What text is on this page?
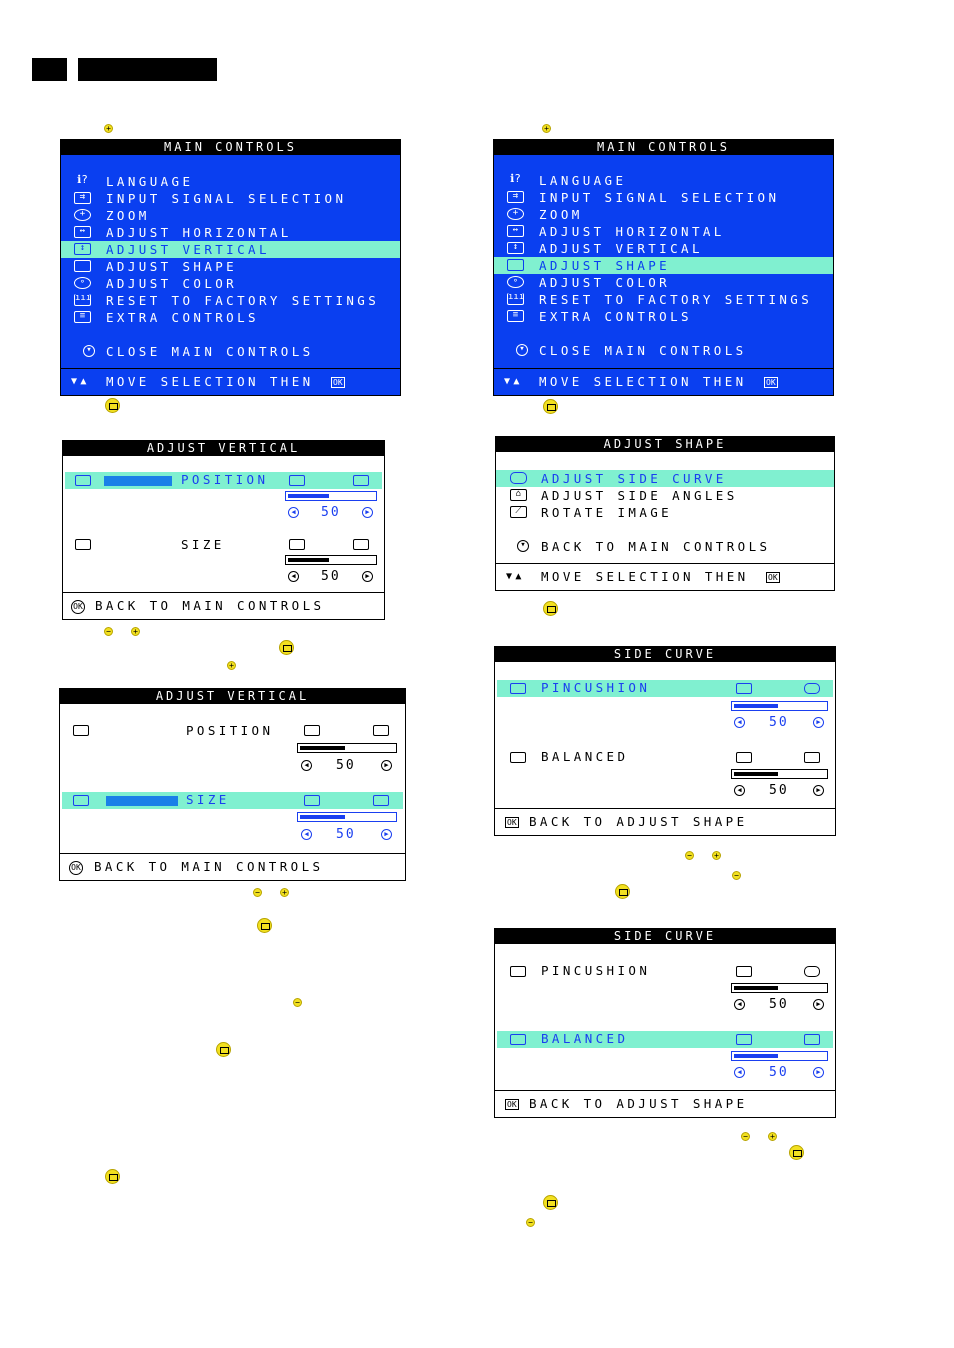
+
MAIN CONTROLS
ℹ? LANGUAGE
⇉	INPUT SIGNAL SELECTION
+	ZOOM
↔	ADJUST HORIZONTAL
↕	ADJUST VERTICAL
ADJUST SHAPE
∘	ADJUST COLOR
ııı RESET TO FACTORY SETTINGS
≡	EXTRA CONTROLS
▾ CLOSE MAIN CONTROLS
▼▲ MOVE SELECTION THEN OK
ADJUST VERTICAL
POSITION
◀ 50	▶
SIZE
◀ 50	▶
OK BACK TO MAIN CONTROLS
−	+
+
ADJUST VERTICAL
POSITION
◀ 50	▶
SIZE
◀ 50	▶
OK BACK TO MAIN CONTROLS
−	+
−
+
MAIN CONTROLS
ℹ? LANGUAGE
⇉	INPUT SIGNAL SELECTION
+	ZOOM
↔	ADJUST HORIZONTAL
↕	ADJUST VERTICAL
ADJUST SHAPE
∘	ADJUST COLOR
ııı RESET TO FACTORY SETTINGS
≡	EXTRA CONTROLS
▾ CLOSE MAIN CONTROLS
▼▲ MOVE SELECTION THEN OK
ADJUST SHAPE
ADJUST SIDE CURVE
⌂	ADJUST SIDE ANGLES
⟋	ROTATE IMAGE
▾ BACK TO MAIN CONTROLS
▼▲ MOVE SELECTION THEN OK
SIDE CURVE
PINCUSHION
◀ 50	▶
BALANCED
◀ 50	▶
OK BACK TO ADJUST SHAPE
−	+
−
SIDE CURVE
PINCUSHION
◀ 50	▶
BALANCED
◀ 50	▶
OK BACK TO ADJUST SHAPE
−	+
−
